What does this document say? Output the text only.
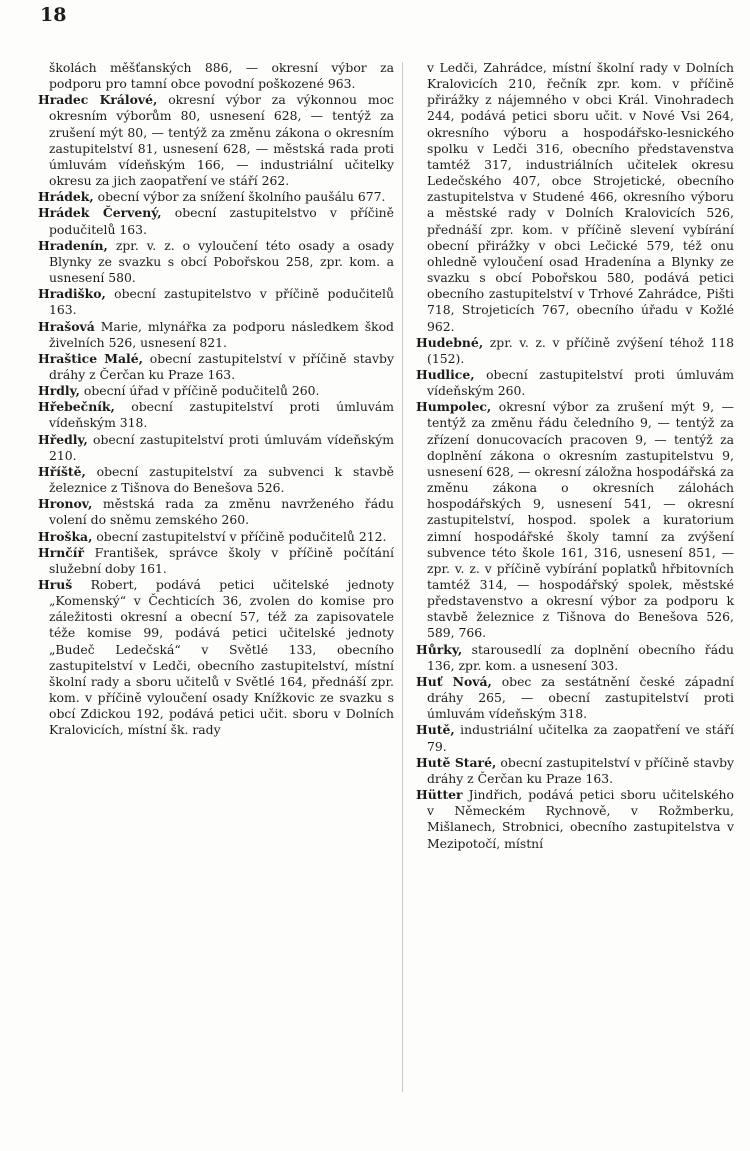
18

školách měšťanských 886, — okresní výbor za podporu pro tamní obce povodní poškozené 963.

Hradec Králové, okresní výbor za výkonnou moc okresním výborům 80, usnesení 628, — tentýž za zrušení mýt 80, — tentýž za změnu zákona o okresním zastupitelství 81, usnesení 628, — městská rada proti úmluvám vídeňským 166, — industriální učitelky okresu za jich zaopatření ve stáří 262.

Hrádek, obecní výbor za snížení školního paušálu 677.

Hrádek Červený, obecní zastupitelstvo v příčině podučitelů 163.

Hradenín, zpr. v. z. o vyloučení této osady a osady Blynky ze svazku s obcí Pobořskou 258, zpr. kom. a usnesení 580.

Hradiško, obecní zastupitelstvo v příčině podučitelů 163.

Hrašová Marie, mlynářka za podporu následkem škod živelních 526, usnesení 821.

Hraštice Malé, obecní zastupitelství v příčině stavby dráhy z Čerčan ku Praze 163.

Hrdly, obecní úřad v příčině podučitelů 260.

Hřebečník, obecní zastupitelství proti úmluvám vídeňským 318.

Hředly, obecní zastupitelství proti úmluvám vídeňským 210.

Hříště, obecní zastupitelství za subvenci k stavbě železnice z Tišnova do Benešova 526.

Hronov, městská rada za změnu navrženého řádu volení do sněmu zemského 260.

Hroška, obecní zastupitelství v příčině podučitelů 212.

Hrnčíř František, správce školy v příčině počítání služební doby 161.

Hruš Robert, podává petici učitelské jednoty „Komenský“ v Čechticích 36, zvolen do komise pro záležitosti okresní a obecní 57, též za zapisovatele téže komise 99, podává petici učitelské jednoty „Budeč Ledečská“ v Světlé 133, obecního zastupitelství v Ledči, obecního zastupitelství, místní školní rady a sboru učitelů v Světlé 164, přednáší zpr. kom. v příčině vyloučení osady Knížkovic ze svazku s obcí Zdickou 192, podává petici učit. sboru v Dolních Kralovicích, místní šk. rady

v Ledči, Zahrádce, místní školní rady v Dolních Kralovicích 210, řečník zpr. kom. v příčině přirážky z nájemného v obci Král. Vinohradech 244, podává petici sboru učit. v Nové Vsi 264, okresního výboru a hospodářsko-lesnického spolku v Ledči 316, obecního představenstva tamtéž 317, industriálních učitelek okresu Ledečského 407, obce Strojetické, obecního zastupitelstva v Studené 466, okresního výboru a městské rady v Dolních Kralovicích 526, přednáší zpr. kom. v příčině slevení vybírání obecní přirážky v obci Lečické 579, též onu ohledně vyloučení osad Hradenína a Blynky ze svazku s obcí Pobořskou 580, podává petici obecního zastupitelství v Trhové Zahrádce, Pišti 718, Strojeticích 767, obecního úřadu v Kožlé 962.

Hudebné, zpr. v. z. v příčině zvýšení téhož 118 (152).

Hudlice, obecní zastupitelství proti úmluvám vídeňským 260.

Humpolec, okresní výbor za zrušení mýt 9, — tentýž za změnu řádu čeledního 9, — tentýž za zřízení donucovacích pracoven 9, — tentýž za doplnění zákona o okresním zastupitelstvu 9, usnesení 628, — okresní záložna hospodářská za změnu zákona o okresních zálohách hospodářských 9, usnesení 541, — okresní zastupitelství, hospod. spolek a kuratorium zimní hospodářské školy tamní za zvýšení subvence této škole 161, 316, usnesení 851, — zpr. v. z. v příčině vybírání poplatků hřbitovních tamtéž 314, — hospodářský spolek, městské představenstvo a okresní výbor za podporu k stavbě železnice z Tišnova do Benešova 526, 589, 766.

Hůrky, starousedlí za doplnění obecního řádu 136, zpr. kom. a usnesení 303.

Huť Nová, obec za sestátnění české západní dráhy 265, — obecní zastupitelství proti úmluvám vídeňským 318.

Hutě, industriální učitelka za zaopatření ve stáří 79.

Hutě Staré, obecní zastupitelství v příčině stavby dráhy z Čerčan ku Praze 163.

Hütter Jindřich, podává petici sboru učitelského v Německém Rychnově, v Rožmberku, Mišlanech, Strobnici, obecního zastupitelstva v Mezipotočí, místní
